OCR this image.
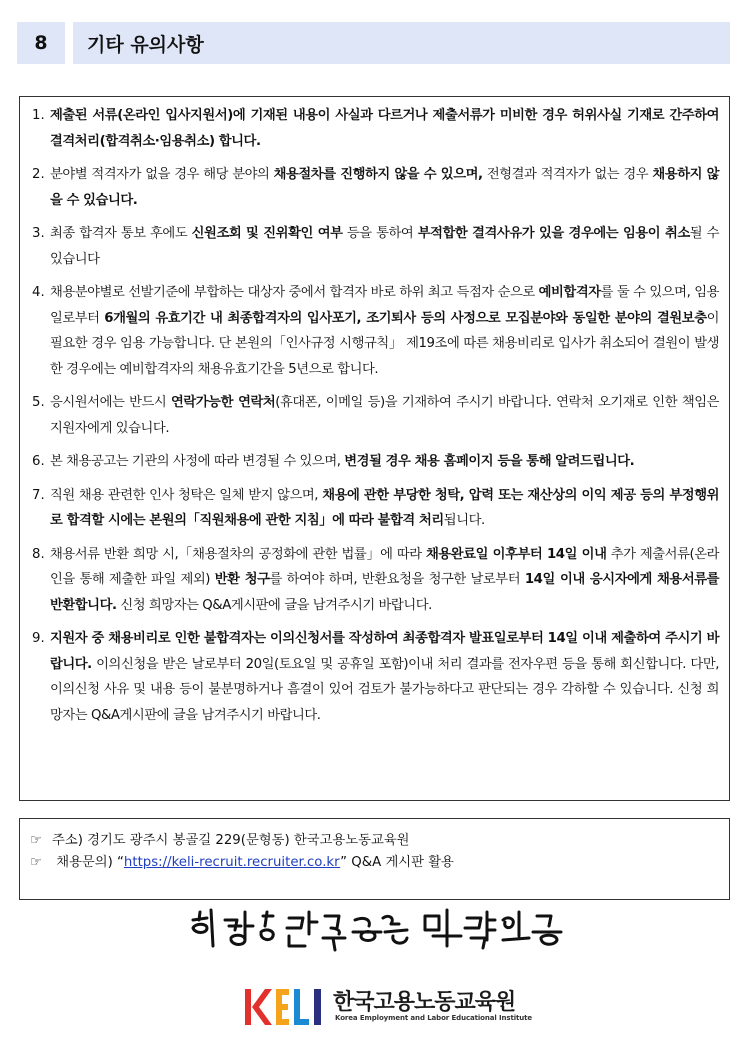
8	기타 유의사항
1. 제출된 서류(온라인 입사지원서)에 기재된 내용이 사실과 다르거나 제출서류가 미비한 경우 허위사실 기재로 간주하여 결격처리(합격취소·임용취소) 합니다.
2. 분야별 적격자가 없을 경우 해당 분야의 채용절차를 진행하지 않을 수 있으며, 전형결과 적격자가 없는 경우 채용하지 않을 수 있습니다.
3. 최종 합격자 통보 후에도 신원조회 및 진위확인 여부 등을 통하여 부적합한 결격사유가 있을 경우에는 임용이 취소될 수 있습니다
4. 채용분야별로 선발기준에 부합하는 대상자 중에서 합격자 바로 하위 최고 득점자 순으로 예비합격자를 둘 수 있으며, 임용일로부터 6개월의 유효기간 내 최종합격자의 입사포기, 조기퇴사 등의 사정으로 모집분야와 동일한 분야의 결원보충이 필요한 경우 임용 가능합니다. 단 본원의「인사규정 시행규칙」 제19조에 따른 채용비리로 입사가 취소되어 결원이 발생한 경우에는 예비합격자의 채용유효기간을 5년으로 합니다.
5. 응시원서에는 반드시 연락가능한 연락처(휴대폰, 이메일 등)을 기재하여 주시기 바랍니다. 연락처 오기재로 인한 책임은 지원자에게 있습니다.
6. 본 채용공고는 기관의 사정에 따라 변경될 수 있으며, 변경될 경우 채용 홈페이지 등을 통해 알려드립니다.
7. 직원 채용 관련한 인사 청탁은 일체 받지 않으며, 채용에 관한 부당한 청탁, 압력 또는 재산상의 이익 제공 등의 부정행위로 합격할 시에는 본원의「직원채용에 관한 지침」에 따라 불합격 처리됩니다.
8. 채용서류 반환 희망 시,「채용절차의 공정화에 관한 법률」에 따라 채용완료일 이후부터 14일 이내 추가 제출서류(온라인을 통해 제출한 파일 제외) 반환 청구를 하여야 하며, 반환요청을 청구한 날로부터 14일 이내 응시자에게 채용서류를 반환합니다. 신청 희망자는 Q&A게시판에 글을 남겨주시기 바랍니다.
9. 지원자 중 채용비리로 인한 불합격자는 이의신청서를 작성하여 최종합격자 발표일로부터 14일 이내 제출하여 주시기 바랍니다. 이의신청을 받은 날로부터 20일(토요일 및 공휴일 포함)이내 처리 결과를 전자우편 등을 통해 회신합니다. 다만, 이의신청 사유 및 내용 등이 불분명하거나 흠결이 있어 검토가 불가능하다고 판단되는 경우 각하할 수 있습니다. 신청 희망자는 Q&A게시판에 글을 남겨주시기 바랍니다.
☞ 주소) 경기도 광주시 봉골길 229(문형동) 한국고용노동교육원
☞ 채용문의) “https://keli-recruit.recruiter.co.kr” Q&A 게시판 활용
한국고용노동교육원
Korea Employment and Labor Educational Institute
